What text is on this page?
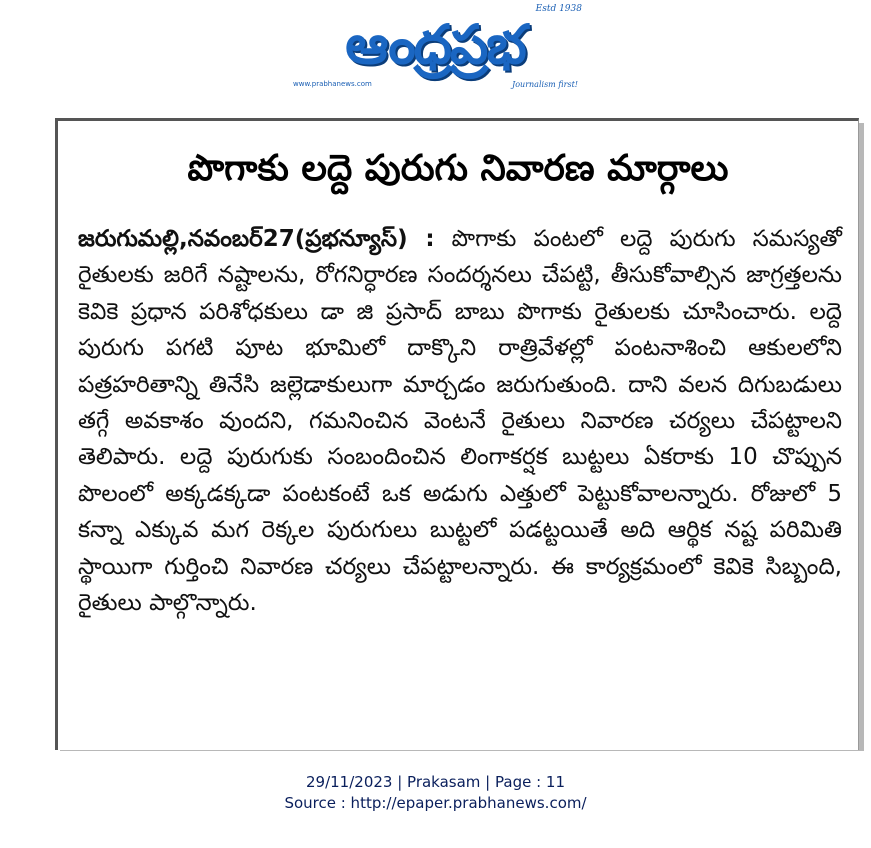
Estd 1938
ఆంధ్రప్రభ
www.prabhanews.com	Journalism first!
పొగాకు లద్దె పురుగు నివారణ మార్గాలు
జరుగుమల్లి,నవంబర్27(ప్రభన్యూస్) : పొగాకు పంటలో లద్దె పురుగు సమస్యతో రైతులకు జరిగే నష్టాలను, రోగనిర్ధారణ సందర్శనలు చేపట్టి, తీసుకోవాల్సిన జాగ్రత్తలను కెవికె ప్రధాన పరిశోధకులు డా జి ప్రసాద్ బాబు పొగాకు రైతులకు చూసించారు. లద్దె పురుగు పగటి పూట భూమిలో దాక్కొని రాత్రివేళల్లో పంటనాశించి ఆకులలోని పత్రహరితాన్ని తినేసి జల్లెడాకులుగా మార్చడం జరుగుతుంది. దాని వలన దిగుబడులు తగ్గే అవకాశం వుందని, గమనించిన వెంటనే రైతులు నివారణ చర్యలు చేపట్టాలని తెలిపారు. లద్దె పురుగుకు సంబందించిన లింగాకర్షక బుట్టలు ఏకరాకు 10 చొప్పున పొలంలో అక్కడక్కడా పంటకంటే ఒక అడుగు ఎత్తులో పెట్టుకోవాలన్నారు. రోజులో 5 కన్నా ఎక్కువ మగ రెక్కల పురుగులు బుట్టలో పడట్టయితే అది ఆర్థిక నష్ట పరిమితి స్థాయిగా గుర్తించి నివారణ చర్యలు చేపట్టాలన్నారు. ఈ కార్యక్రమంలో కెవికె సిబ్బంది, రైతులు పాల్గొన్నారు.
29/11/2023 | Prakasam | Page : 11
Source : http://epaper.prabhanews.com/
